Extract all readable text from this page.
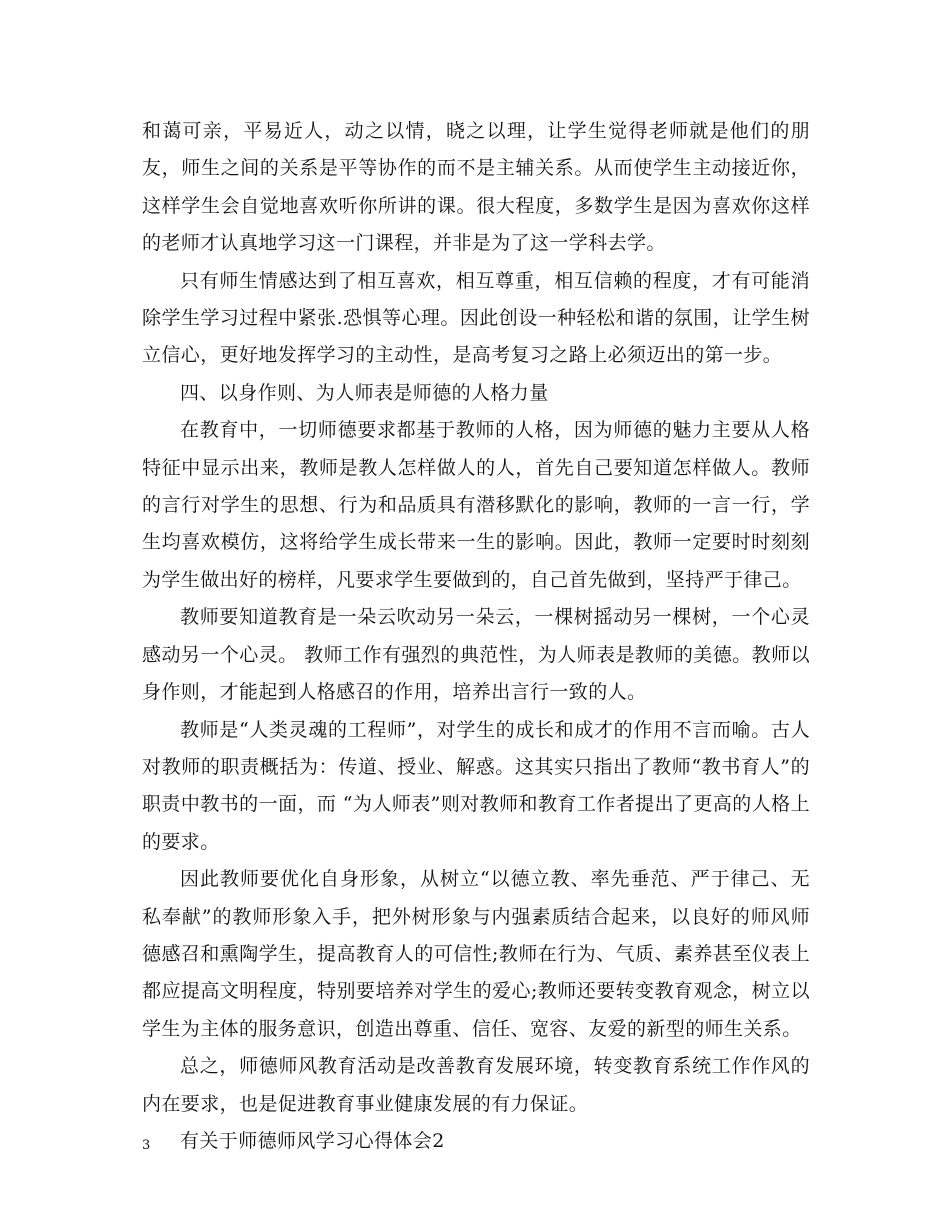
和蔼可亲，平易近人，动之以情，晓之以理，让学生觉得老师就是他们的朋友，师生之间的关系是平等协作的而不是主辅关系。从而使学生主动接近你，这样学生会自觉地喜欢听你所讲的课。很大程度，多数学生是因为喜欢你这样的老师才认真地学习这一门课程，并非是为了这一学科去学。

只有师生情感达到了相互喜欢，相互尊重，相互信赖的程度，才有可能消除学生学习过程中紧张.恐惧等心理。因此创设一种轻松和谐的氛围，让学生树立信心，更好地发挥学习的主动性，是高考复习之路上必须迈出的第一步。

四、以身作则、为人师表是师德的人格力量

在教育中，一切师德要求都基于教师的人格，因为师德的魅力主要从人格特征中显示出来，教师是教人怎样做人的人，首先自己要知道怎样做人。教师的言行对学生的思想、行为和品质具有潜移默化的影响，教师的一言一行，学生均喜欢模仿，这将给学生成长带来一生的影响。因此，教师一定要时时刻刻为学生做出好的榜样，凡要求学生要做到的，自己首先做到，坚持严于律己。

教师要知道教育是一朵云吹动另一朵云，一棵树摇动另一棵树，一个心灵感动另一个心灵。 教师工作有强烈的典范性，为人师表是教师的美德。教师以身作则，才能起到人格感召的作用，培养出言行一致的人。

教师是“人类灵魂的工程师”，对学生的成长和成才的作用不言而喻。古人对教师的职责概括为：传道、授业、解惑。这其实只指出了教师“教书育人”的职责中教书的一面，而 “为人师表”则对教师和教育工作者提出了更高的人格上的要求。

因此教师要优化自身形象，从树立“以德立教、率先垂范、严于律己、无私奉献”的教师形象入手，把外树形象与内强素质结合起来，以良好的师风师德感召和熏陶学生，提高教育人的可信性;教师在行为、气质、素养甚至仪表上都应提高文明程度，特别要培养对学生的爱心;教师还要转变教育观念，树立以学生为主体的服务意识，创造出尊重、信任、宽容、友爱的新型的师生关系。

总之，师德师风教育活动是改善教育发展环境，转变教育系统工作作风的内在要求，也是促进教育事业健康发展的有力保证。

有关于师德师风学习心得体会2

3
